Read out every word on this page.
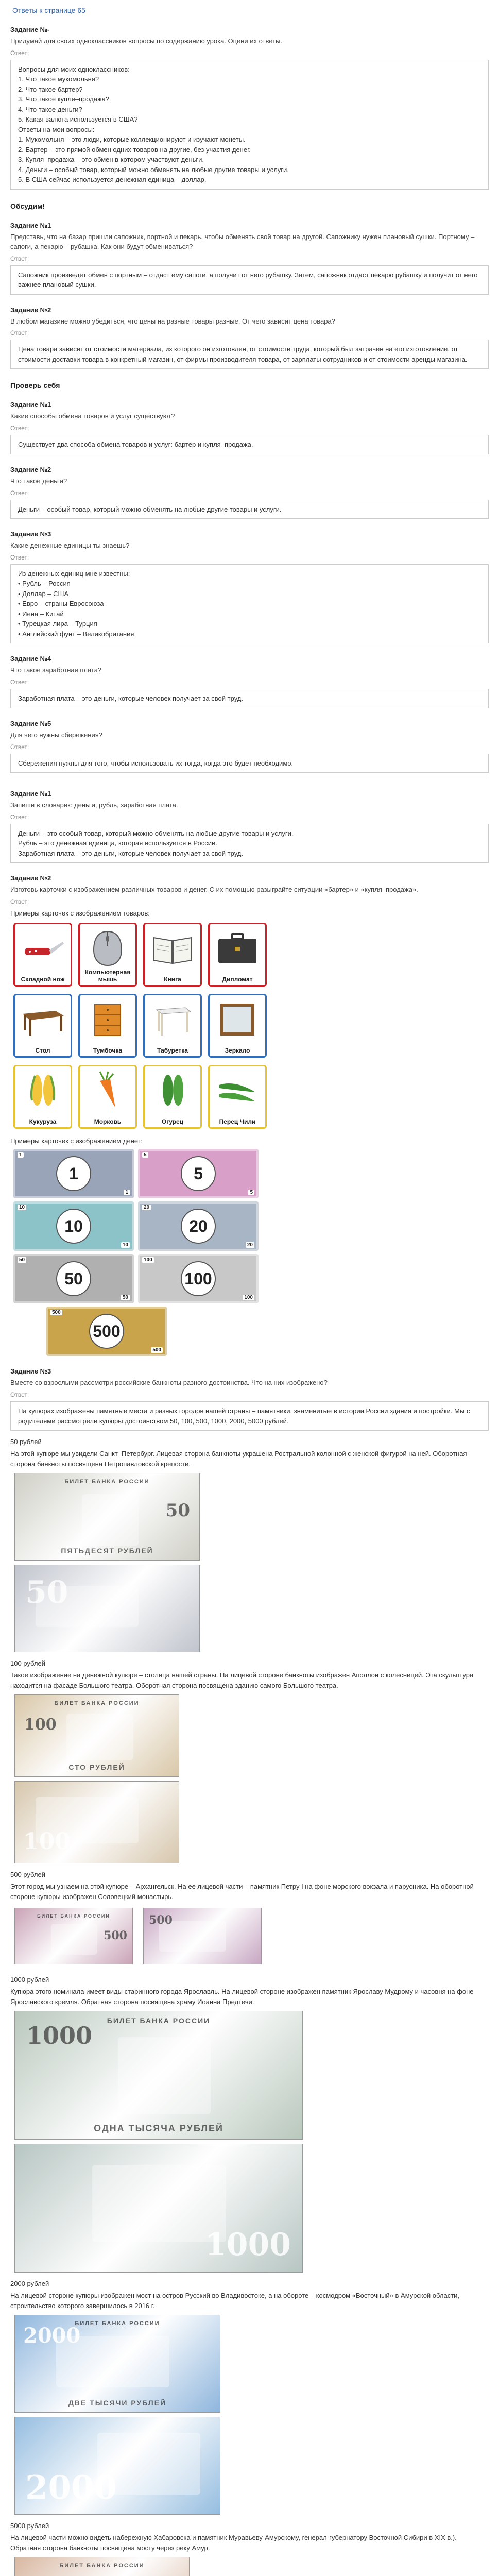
Ответы к странице 65
Задание №-
Придумай для своих одноклассников вопросы по содержанию урока. Оцени их ответы.
Ответ:
Вопросы для моих одноклассников:
1. Что такое мукомольня?
2. Что такое бартер?
3. Что такое купля–продажа?
4. Что такое деньги?
5. Какая валюта используется в США?
Ответы на мои вопросы:
1. Мукомольня – это люди, которые коллекционируют и изучают монеты.
2. Бартер – это прямой обмен одних товаров на другие, без участия денег.
3. Купля–продажа – это обмен в котором участвуют деньги.
4. Деньги – особый товар, который можно обменять на любые другие товары и услуги.
5. В США сейчас используется денежная единица – доллар.
Обсудим!
Задание №1
Представь, что на базар пришли сапожник, портной и пекарь, чтобы обменять свой товар на другой. Сапожнику нужен плановый сушки. Портному – сапоги, а пекарю – рубашка. Как они будут обмениваться?
Ответ:
Сапожник произведёт обмен с портным – отдаст ему сапоги, а получит от него рубашку. Затем, сапожник отдаст пекарю рубашку и получит от него важнее плановый сушки.
Задание №2
В любом магазине можно убедиться, что цены на разные товары разные. От чего зависит цена товара?
Ответ:
Цена товара зависит от стоимости материала, из которого он изготовлен, от стоимости труда, который был затрачен на его изготовление, от стоимости доставки товара в конкретный магазин, от фирмы производителя товара, от зарплаты сотрудников и от стоимости аренды магазина.
Проверь себя
Задание №1
Какие способы обмена товаров и услуг существуют?
Ответ:
Существует два способа обмена товаров и услуг: бартер и купля–продажа.
Задание №2
Что такое деньги?
Ответ:
Деньги – особый товар, который можно обменять на любые другие товары и услуги.
Задание №3
Какие денежные единицы ты знаешь?
Ответ:
Из денежных единиц мне известны:
• Рубль – Россия
• Доллар – США
• Евро – страны Евросоюза
• Иена – Китай
• Турецкая лира – Турция
• Английский фунт – Великобритания
Задание №4
Что такое заработная плата?
Ответ:
Заработная плата – это деньги, которые человек получает за свой труд.
Задание №5
Для чего нужны сбережения?
Ответ:
Сбережения нужны для того, чтобы использовать их тогда, когда это будет необходимо.
Задание №1
Запиши в словарик: деньги, рубль, заработная плата.
Ответ:
Деньги – это особый товар, который можно обменять на любые другие товары и услуги.
Рубль – это денежная единица, которая используется в России.
Заработная плата – это деньги, которые человек получает за свой труд.
Задание №2
Изготовь карточки с изображением различных товаров и денег. С их помощью разыграйте ситуации «бартер» и «купля–продажа».
Ответ:
Примеры карточек с изображением товаров:
Складной нож
Компьютерная мышь	Книга	Дипломат
Стол	Тумбочка	Табуретка	Зеркало
Кукуруза	Морковь	Огурец	Перец Чили
Примеры карточек с изображением денег:
1
1
1
5
5
5
10
10
10
20
20
20
50
50
50
100
100
100
500
500
500
Задание №3
Вместе со взрослыми рассмотри российские банкноты разного достоинства. Что на них изображено?
Ответ:
На купюрах изображены памятные места и разных городов нашей страны – памятники, знаменитые в истории России здания и постройки. Мы с родителями рассмотрели купюры достоинством 50, 100, 500, 1000, 2000, 5000 рублей.
50 рублей
На этой купюре мы увидели Санкт–Петербург. Лицевая сторона банкноты украшена Ростральной колонной с женской фигурой на ней. Оборотная сторона банкноты посвящена Петропавловской крепости.
БИЛЕТ БАНКА РОССИИ
50
ПЯТЬДЕСЯТ РУБЛЕЙ
50
100 рублей
Такое изображение на денежной купюре – столица нашей страны. На лицевой стороне банкноты изображен Аполлон с колесницей. Эта скульптура находится на фасаде Большого театра. Оборотная сторона посвящена зданию самого Большого театра.
БИЛЕТ БАНКА РОССИИ
100
СТО РУБЛЕЙ
100
500 рублей
Этот город мы узнаем на этой купюре – Архангельск. На ее лицевой части – памятник Петру I на фоне морского вокзала и парусника. На оборотной стороне купюры изображен Соловецкий монастырь.
БИЛЕТ БАНКА РОССИИ
500
500
1000 рублей
Купюра этого номинала имеет виды старинного города Ярославль. На лицевой стороне изображен памятник Ярославу Мудрому и часовня на фоне Ярославского кремля. Обратная сторона посвящена храму Иоанна Предтечи.
БИЛЕТ БАНКА РОССИИ
1000
ОДНА ТЫСЯЧА РУБЛЕЙ
1000
2000 рублей
На лицевой стороне купюры изображен мост на остров Русский во Владивостоке, а на обороте – космодром «Восточный» в Амурской области, строительство которого завершилось в 2016 г.
БИЛЕТ БАНКА РОССИИ
2000
ДВЕ ТЫСЯЧИ РУБЛЕЙ
2000
5000 рублей
На лицевой части можно видеть набережную Хабаровска и памятник Муравьеву-Амурскому, генерал-губернатору Восточной Сибири в XIX в.). Обратная сторона банкноты посвящена мосту через реку Амур.
БИЛЕТ БАНКА РОССИИ
